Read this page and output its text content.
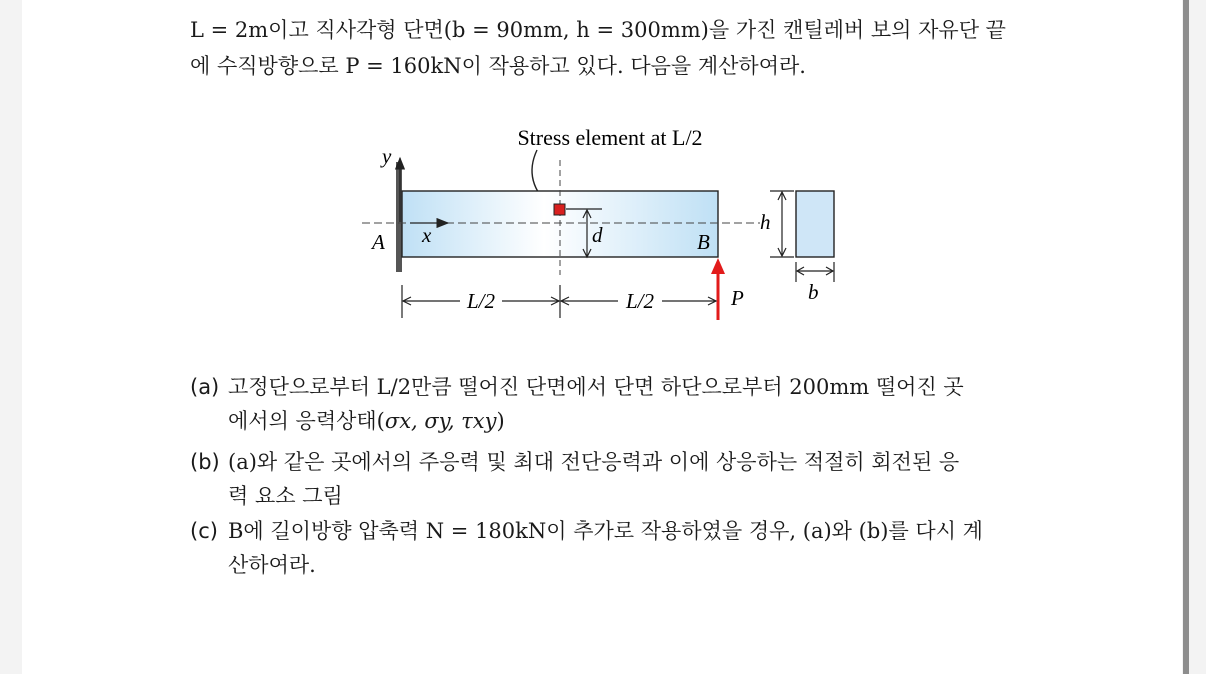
L = 2m이고 직사각형 단면(b = 90mm, h = 300mm)을 가진 캔틸레버 보의 자유단 끝
에 수직방향으로 P = 160kN이 작용하고 있다. 다음을 계산하여라.
Stress element at L/2
y
x
A	B
d
P
L/2	L/2
h
b
(a) 고정단으로부터 L/2만큼 떨어진 단면에서 단면 하단으로부터 200mm 떨어진 곳
에서의 응력상태(σx, σy, τxy)
(b) (a)와 같은 곳에서의 주응력 및 최대 전단응력과 이에 상응하는 적절히 회전된 응
력 요소 그림
(c) B에 길이방향 압축력 N = 180kN이 추가로 작용하였을 경우, (a)와 (b)를 다시 계
산하여라.
